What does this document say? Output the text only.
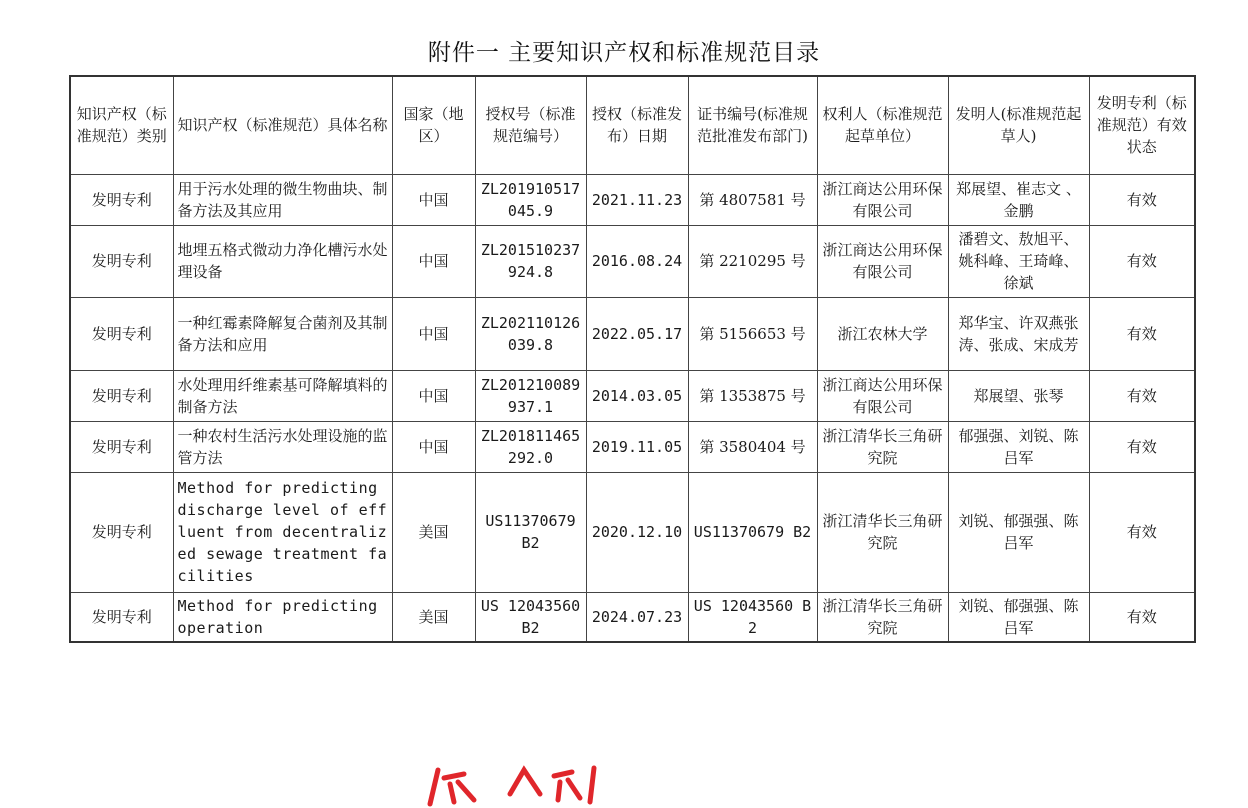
附件一 主要知识产权和标准规范目录
知识产权（标准规范）类别	知识产权（标准规范）具体名称	国家（地区）	授权号（标准规范编号）	授权（标准发布）日期	证书编号(标准规范批准发布部门)	权利人（标准规范起草单位）	发明人(标准规范起草人)	发明专利（标准规范）有效状态
发明专利	用于污水处理的微生物曲块、制备方法及其应用	中国	ZL201910517045.9	2021.11.23	第 4807581 号	浙江商达公用环保有限公司	郑展望、崔志文 、金鹏	有效
发明专利	地埋五格式微动力净化槽污水处理设备	中国	ZL201510237924.8	2016.08.24	第 2210295 号	浙江商达公用环保有限公司	潘碧文、敖旭平、 姚科峰、王琦峰、徐斌	有效
发明专利	一种红霉素降解复合菌剂及其制备方法和应用	中国	ZL202110126039.8	2022.05.17	第 5156653 号	浙江农林大学	郑华宝、许双燕张涛、张成、宋成芳	有效
发明专利	水处理用纤维素基可降解填料的制备方法	中国	ZL201210089937.1	2014.03.05	第 1353875 号	浙江商达公用环保有限公司	郑展望、张琴	有效
发明专利	一种农村生活污水处理设施的监管方法	中国	ZL201811465292.0	2019.11.05	第 3580404 号	浙江清华长三角研究院	郁强强、刘锐、陈吕军	有效
发明专利	Method for predicting discharge level of effluent from decentralized sewage treatment facilities	美国	US11370679 B2	2020.12.10	US11370679 B2	浙江清华长三角研究院	刘锐、郁强强、陈吕军	有效
发明专利	Method for predicting operation	美国	US 12043560 B2	2024.07.23	US 12043560 B2	浙江清华长三角研究院	刘锐、郁强强、陈吕军	有效
